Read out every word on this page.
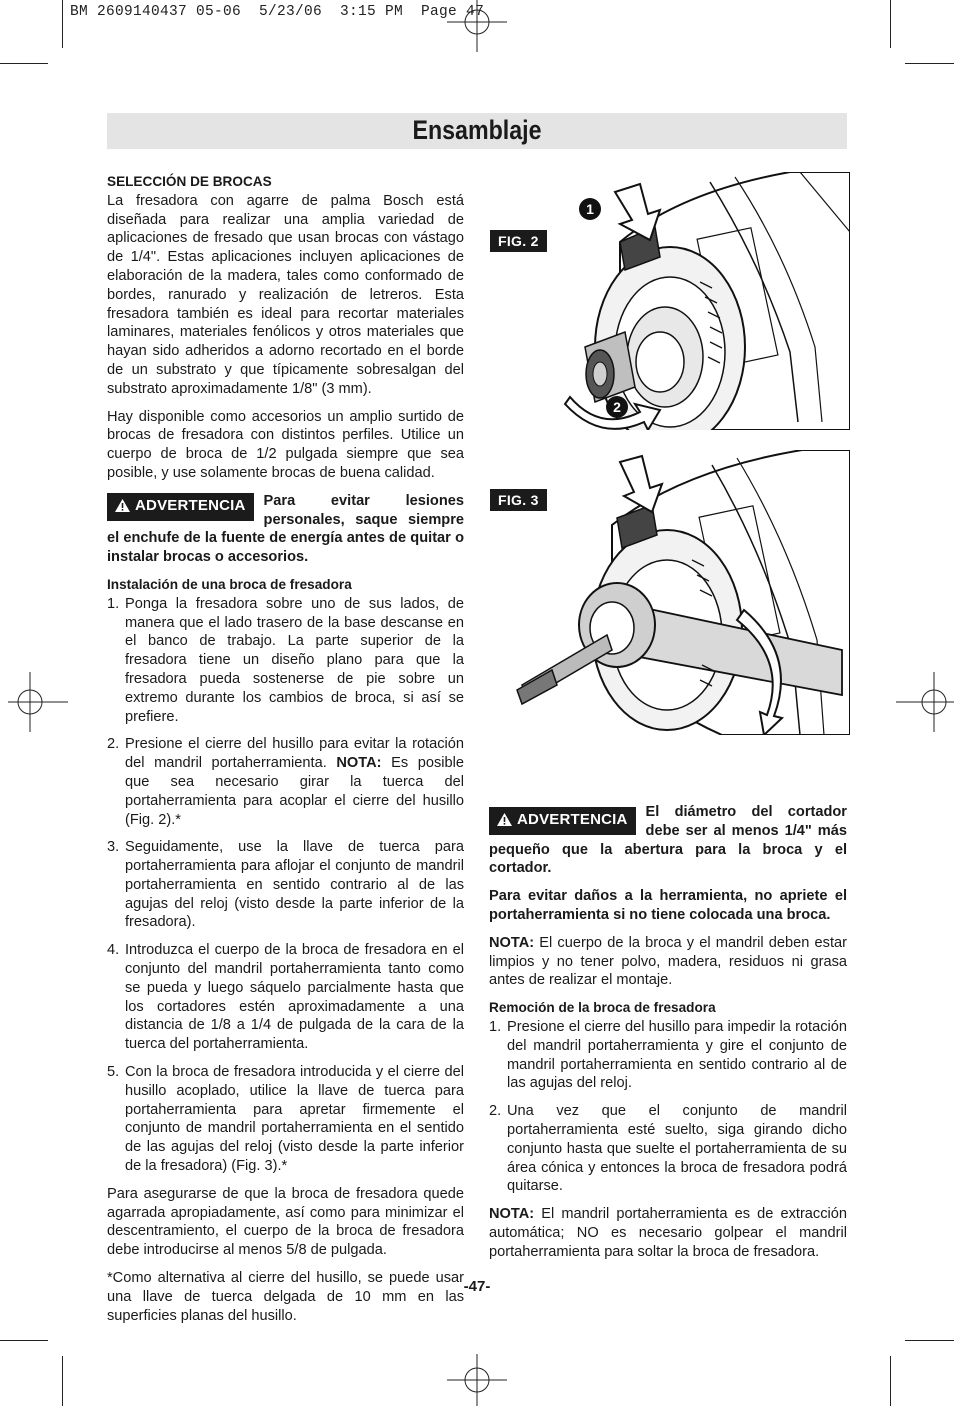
BM 2609140437 05-06  5/23/06  3:15 PM  Page 47
Ensamblaje

SELECCIÓN DE BROCAS

La fresadora con agarre de palma Bosch está diseñada para realizar una amplia variedad de aplicaciones de fresado que usan brocas con vástago de 1/4". Estas aplicaciones incluyen aplicaciones de elaboración de la madera, tales como conformado de bordes, ranurado y realización de letreros. Esta fresadora también es ideal para recortar materiales laminares, materiales fenólicos y otros materiales que hayan sido adheridos a adorno recortado en el borde de un substrato y que típicamente sobresalgan del substrato aproximadamente 1/8" (3 mm).

Hay disponible como accesorios un amplio surtido de brocas de fresadora con distintos perfiles. Utilice un cuerpo de broca de 1/2 pulgada siempre que sea posible, y use solamente brocas de buena calidad.

ADVERTENCIA	Para evitar lesiones personales, saque siempre el enchufe de la fuente de energía antes de quitar o instalar brocas o accesorios.

Instalación de una broca de fresadora

1. Ponga la fresadora sobre uno de sus lados, de manera que el lado trasero de la base descanse en el banco de trabajo. La parte superior de la fresadora tiene un diseño plano para que la fresadora pueda sostenerse de pie sobre un extremo durante los cambios de broca, si así se prefiere.
2. Presione el cierre del husillo para evitar la rotación del mandril portaherramienta. NOTA: Es posible que sea necesario girar la tuerca del portaherramienta para acoplar el cierre del husillo (Fig. 2).*
3. Seguidamente, use la llave de tuerca para portaherramienta para aflojar el conjunto de mandril portaherramienta en sentido contrario al de las agujas del reloj (visto desde la parte inferior de la fresadora).
4. Introduzca el cuerpo de la broca de fresadora en el conjunto del mandril portaherramienta tanto como se pueda y luego sáquelo parcialmente hasta que los cortadores estén aproximadamente a una distancia de 1/8 a 1/4 de pulgada de la cara de la tuerca del portaherramienta.
5. Con la broca de fresadora introducida y el cierre del husillo acoplado, utilice la llave de tuerca para portaherramienta para apretar firmemente el conjunto de mandril portaherramienta en el sentido de las agujas del reloj (visto desde la parte inferior de la fresadora) (Fig. 3).*

Para asegurarse de que la broca de fresadora quede agarrada apropiadamente, así como para minimizar el descentramiento, el cuerpo de la broca de fresadora debe introducirse al menos 5/8 de pulgada.

*Como alternativa al cierre del husillo, se puede usar una llave de tuerca delgada de 10 mm en las superficies planas del husillo.

FIG. 2
1
2
FIG. 3

ADVERTENCIA	El diámetro del cortador debe ser al menos 1/4" más pequeño que la abertura para la broca y el cortador.

Para evitar daños a la herramienta, no apriete el portaherramienta si no tiene colocada una broca.

NOTA: El cuerpo de la broca y el mandril deben estar limpios y no tener polvo, madera, residuos ni grasa antes de realizar el montaje.

Remoción de la broca de fresadora

1. Presione el cierre del husillo para impedir la rotación del mandril portaherramienta y gire el conjunto de mandril portaherramienta en sentido contrario al de las agujas del reloj.
2. Una vez que el conjunto de mandril portaherramienta esté suelto, siga girando dicho conjunto hasta que suelte el portaherramienta de su área cónica y entonces la broca de fresadora podrá quitarse.

NOTA: El mandril portaherramienta es de extracción automática; NO es necesario golpear el mandril portaherramienta para soltar la broca de fresadora.

-47-
